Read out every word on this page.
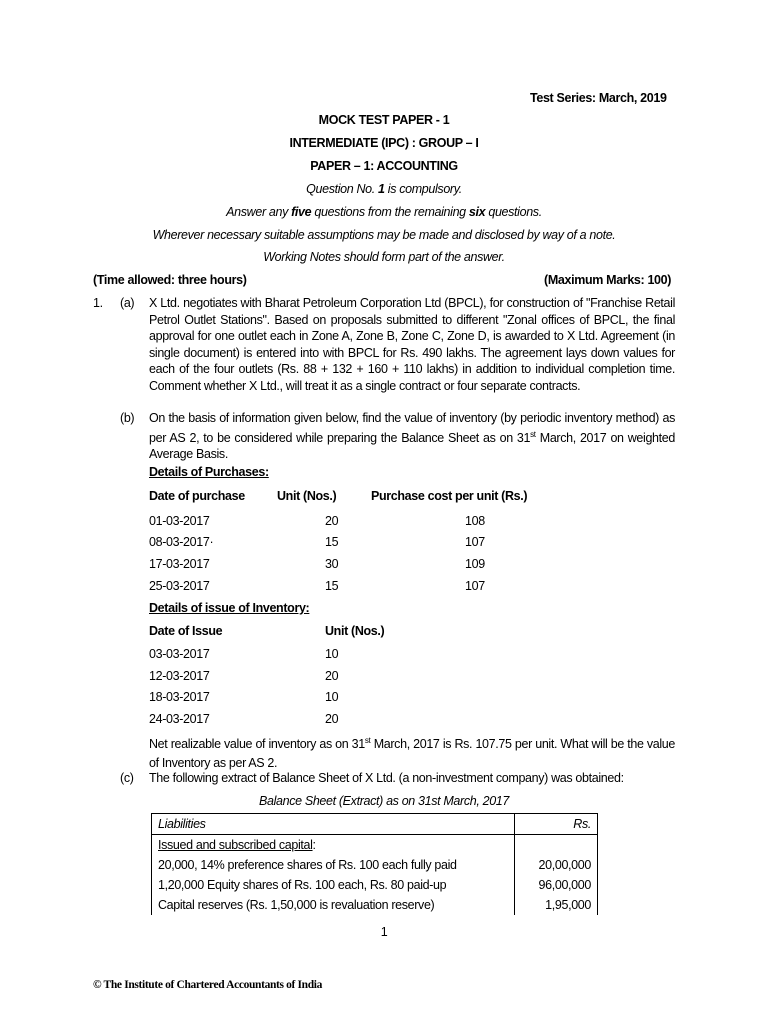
Test Series: March, 2019
MOCK TEST PAPER - 1
INTERMEDIATE (IPC) : GROUP – I
PAPER – 1: ACCOUNTING
Question No. 1 is compulsory.
Answer any five questions from the remaining six questions.
Wherever necessary suitable assumptions may be made and disclosed by way of a note.
Working Notes should form part of the answer.
(Time allowed: three hours)	(Maximum Marks: 100)
1. (a) X Ltd. negotiates with Bharat Petroleum Corporation Ltd (BPCL), for construction of "Franchise Retail Petrol Outlet Stations". Based on proposals submitted to different "Zonal offices of BPCL, the final approval for one outlet each in Zone A, Zone B, Zone C, Zone D, is awarded to X Ltd. Agreement (in single document) is entered into with BPCL for Rs. 490 lakhs. The agreement lays down values for each of the four outlets (Rs. 88 + 132 + 160 + 110 lakhs) in addition to individual completion time. Comment whether X Ltd., will treat it as a single contract or four separate contracts.
(b) On the basis of information given below, find the value of inventory (by periodic inventory method) as per AS 2, to be considered while preparing the Balance Sheet as on 31st March, 2017 on weighted Average Basis.
Details of Purchases:
Date of purchase	Unit (Nos.)	Purchase cost per unit (Rs.)
01-03-2017	20	108
08-03-2017·	15	107
17-03-2017	30	109
25-03-2017	15	107
Details of issue of Inventory:
Date of Issue	Unit (Nos.)
03-03-2017	10
12-03-2017	20
18-03-2017	10
24-03-2017	20
Net realizable value of inventory as on 31st March, 2017 is Rs. 107.75 per unit. What will be the value of Inventory as per AS 2.
(c) The following extract of Balance Sheet of X Ltd. (a non-investment company) was obtained:
Balance Sheet (Extract) as on 31st March, 2017
Liabilities	Rs.
Issued and subscribed capital:	
20,000, 14% preference shares of Rs. 100 each fully paid	20,00,000
1,20,000 Equity shares of Rs. 100 each, Rs. 80 paid-up	96,00,000
Capital reserves (Rs. 1,50,000 is revaluation reserve)	1,95,000
1
© The Institute of Chartered Accountants of India
